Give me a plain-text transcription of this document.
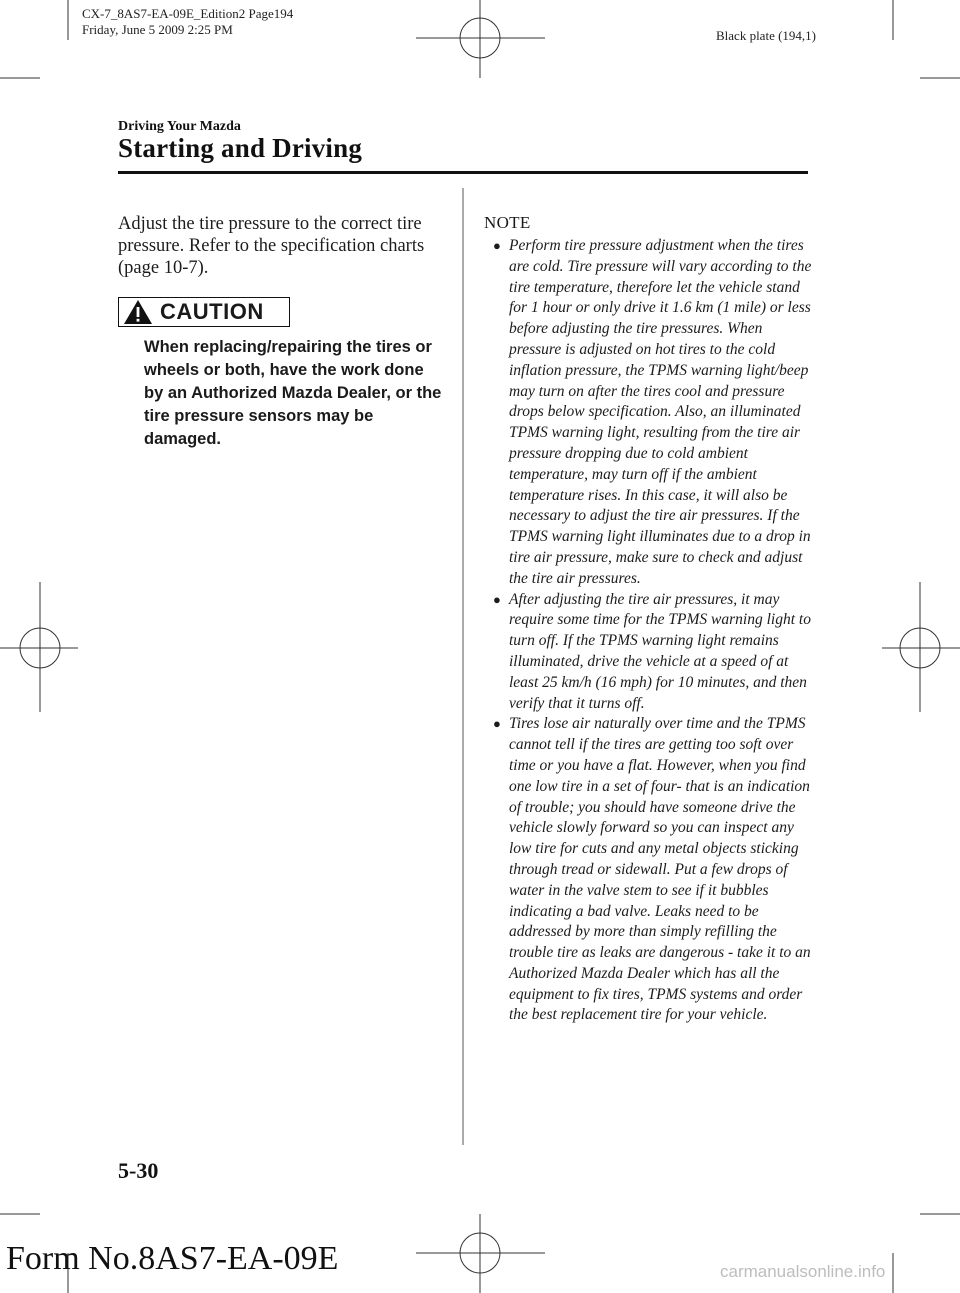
CX-7_8AS7-EA-09E_Edition2 Page194
Friday, June 5 2009 2:25 PM	Black plate (194,1)
Driving Your Mazda
Starting and Driving
Adjust the tire pressure to the correct tire pressure. Refer to the specification charts (page 10-7).
CAUTION
When replacing/repairing the tires or wheels or both, have the work done by an Authorized Mazda Dealer, or the tire pressure sensors may be damaged.
NOTE
● Perform tire pressure adjustment when the tires are cold. Tire pressure will vary according to the tire temperature, therefore let the vehicle stand for 1 hour or only drive it 1.6 km (1 mile) or less before adjusting the tire pressures. When pressure is adjusted on hot tires to the cold inflation pressure, the TPMS warning light/beep may turn on after the tires cool and pressure drops below specification. Also, an illuminated TPMS warning light, resulting from the tire air pressure dropping due to cold ambient temperature, may turn off if the ambient temperature rises. In this case, it will also be necessary to adjust the tire air pressures. If the TPMS warning light illuminates due to a drop in tire air pressure, make sure to check and adjust the tire air pressures.
● After adjusting the tire air pressures, it may require some time for the TPMS warning light to turn off. If the TPMS warning light remains illuminated, drive the vehicle at a speed of at least 25 km/h (16 mph) for 10 minutes, and then verify that it turns off.
● Tires lose air naturally over time and the TPMS cannot tell if the tires are getting too soft over time or you have a flat. However, when you find one low tire in a set of four- that is an indication of trouble; you should have someone drive the vehicle slowly forward so you can inspect any low tire for cuts and any metal objects sticking through tread or sidewall. Put a few drops of water in the valve stem to see if it bubbles indicating a bad valve. Leaks need to be addressed by more than simply refilling the trouble tire as leaks are dangerous - take it to an Authorized Mazda Dealer which has all the equipment to fix tires, TPMS systems and order the best replacement tire for your vehicle.
5-30
Form No.8AS7-EA-09E	carmanualsonline.info
